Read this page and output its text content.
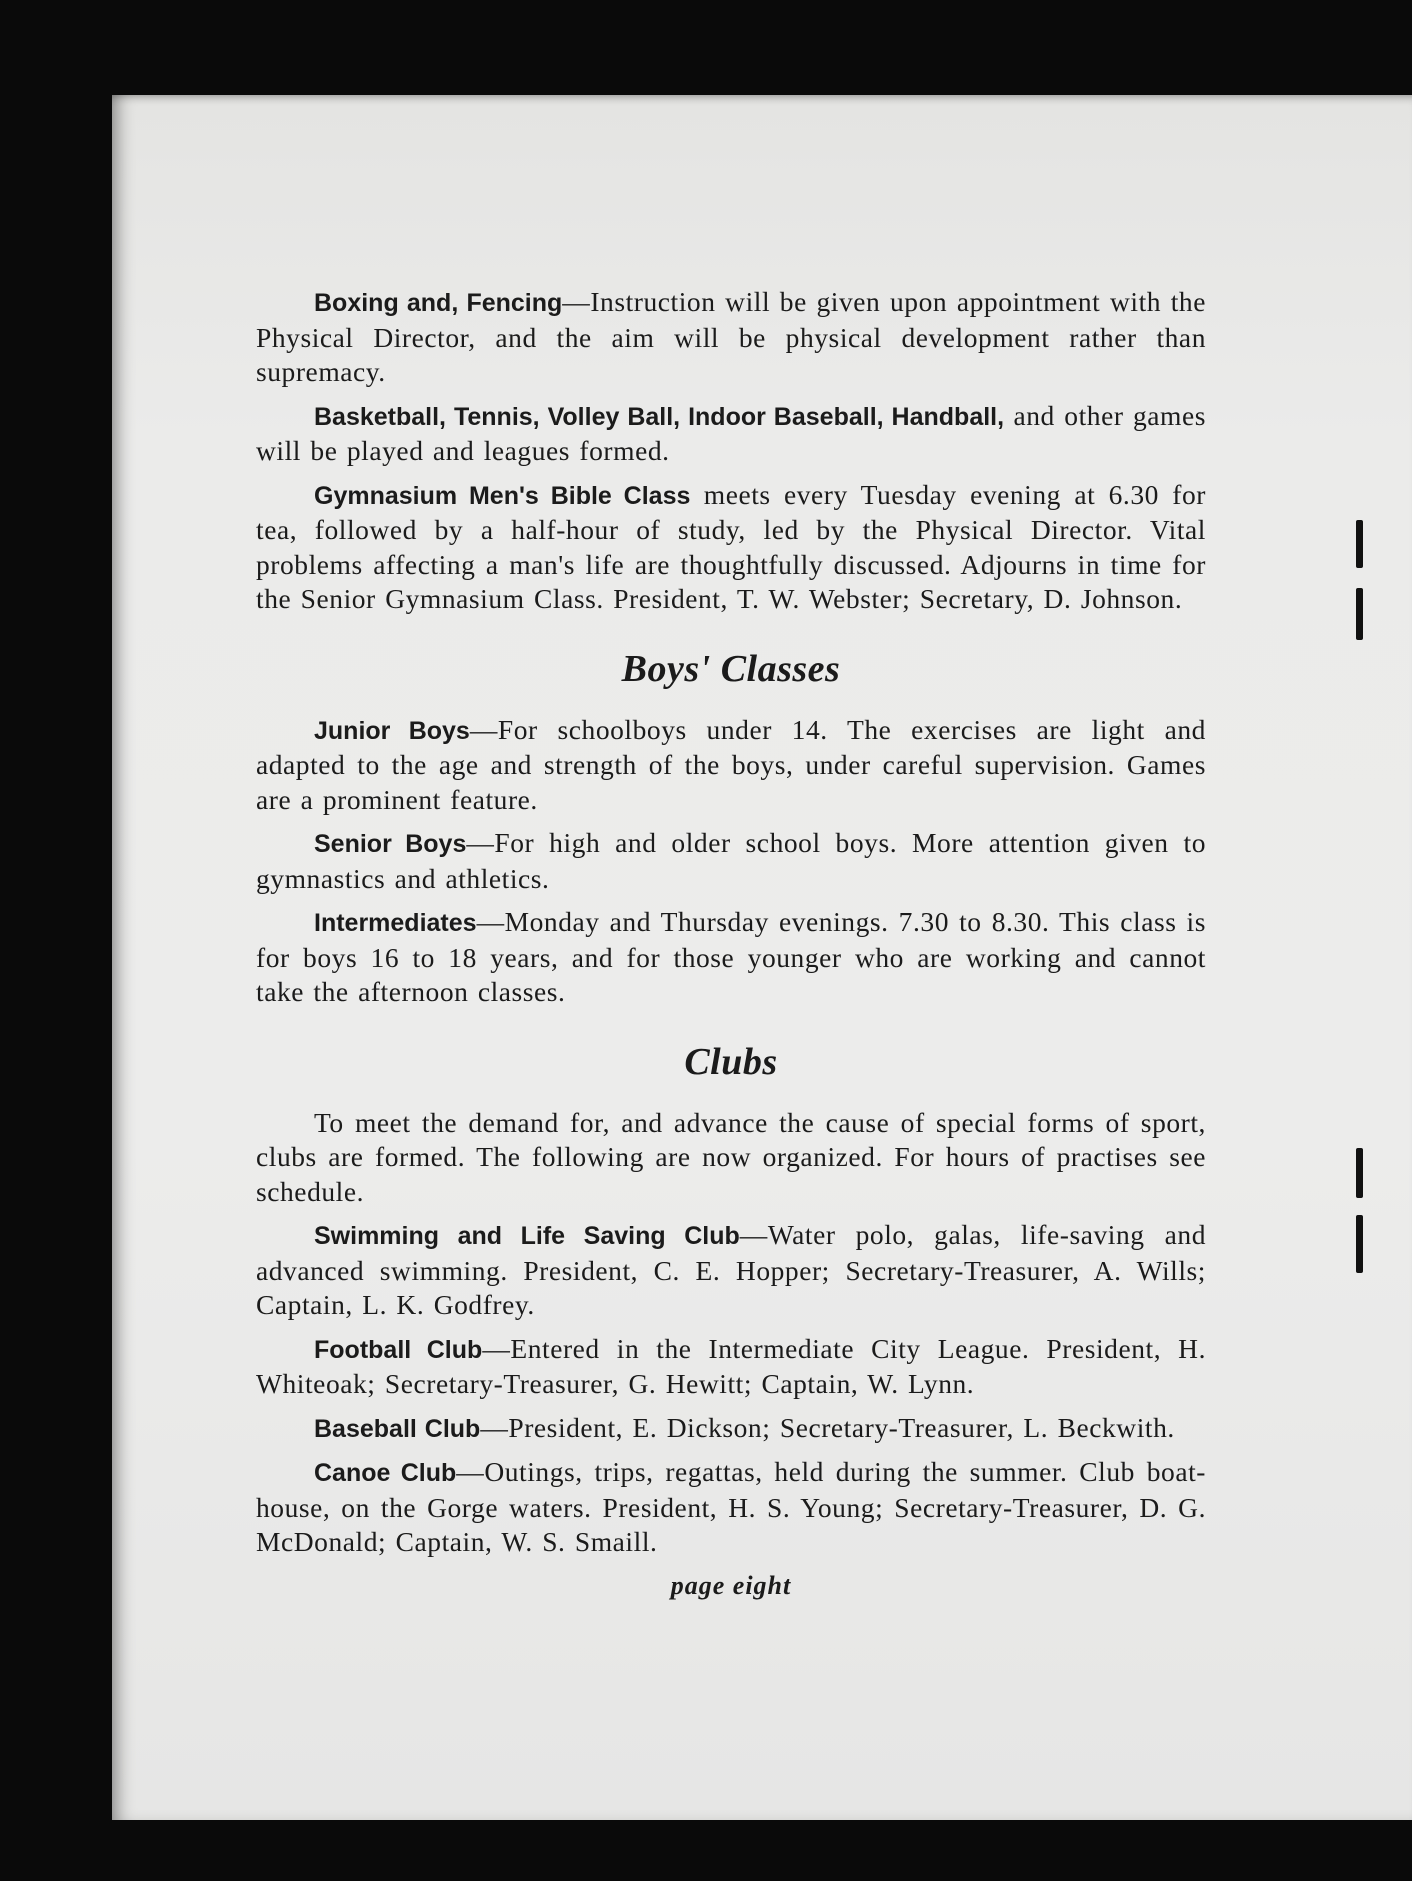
Boxing and, Fencing—Instruction will be given upon appointment with the Physical Director, and the aim will be physical development rather than supremacy.

Basketball, Tennis, Volley Ball, Indoor Baseball, Handball, and other games will be played and leagues formed.

Gymnasium Men's Bible Class meets every Tuesday evening at 6.30 for tea, followed by a half-hour of study, led by the Physical Director. Vital problems affecting a man's life are thoughtfully discussed. Adjourns in time for the Senior Gymnasium Class. President, T. W. Webster; Secretary, D. Johnson.

Boys' Classes

Junior Boys—For schoolboys under 14. The exercises are light and adapted to the age and strength of the boys, under careful supervision. Games are a prominent feature.

Senior Boys—For high and older school boys. More attention given to gymnastics and athletics.

Intermediates—Monday and Thursday evenings. 7.30 to 8.30. This class is for boys 16 to 18 years, and for those younger who are working and cannot take the afternoon classes.

Clubs

To meet the demand for, and advance the cause of special forms of sport, clubs are formed. The following are now organized. For hours of practises see schedule.

Swimming and Life Saving Club—Water polo, galas, life-saving and advanced swimming. President, C. E. Hopper; Secretary-Treasurer, A. Wills; Captain, L. K. Godfrey.

Football Club—Entered in the Intermediate City League. President, H. Whiteoak; Secretary-Treasurer, G. Hewitt; Captain, W. Lynn.

Baseball Club—President, E. Dickson; Secretary-Treasurer, L. Beckwith.

Canoe Club—Outings, trips, regattas, held during the summer. Club boat-house, on the Gorge waters. President, H. S. Young; Secretary-Treasurer, D. G. McDonald; Captain, W. S. Smaill.

page eight
